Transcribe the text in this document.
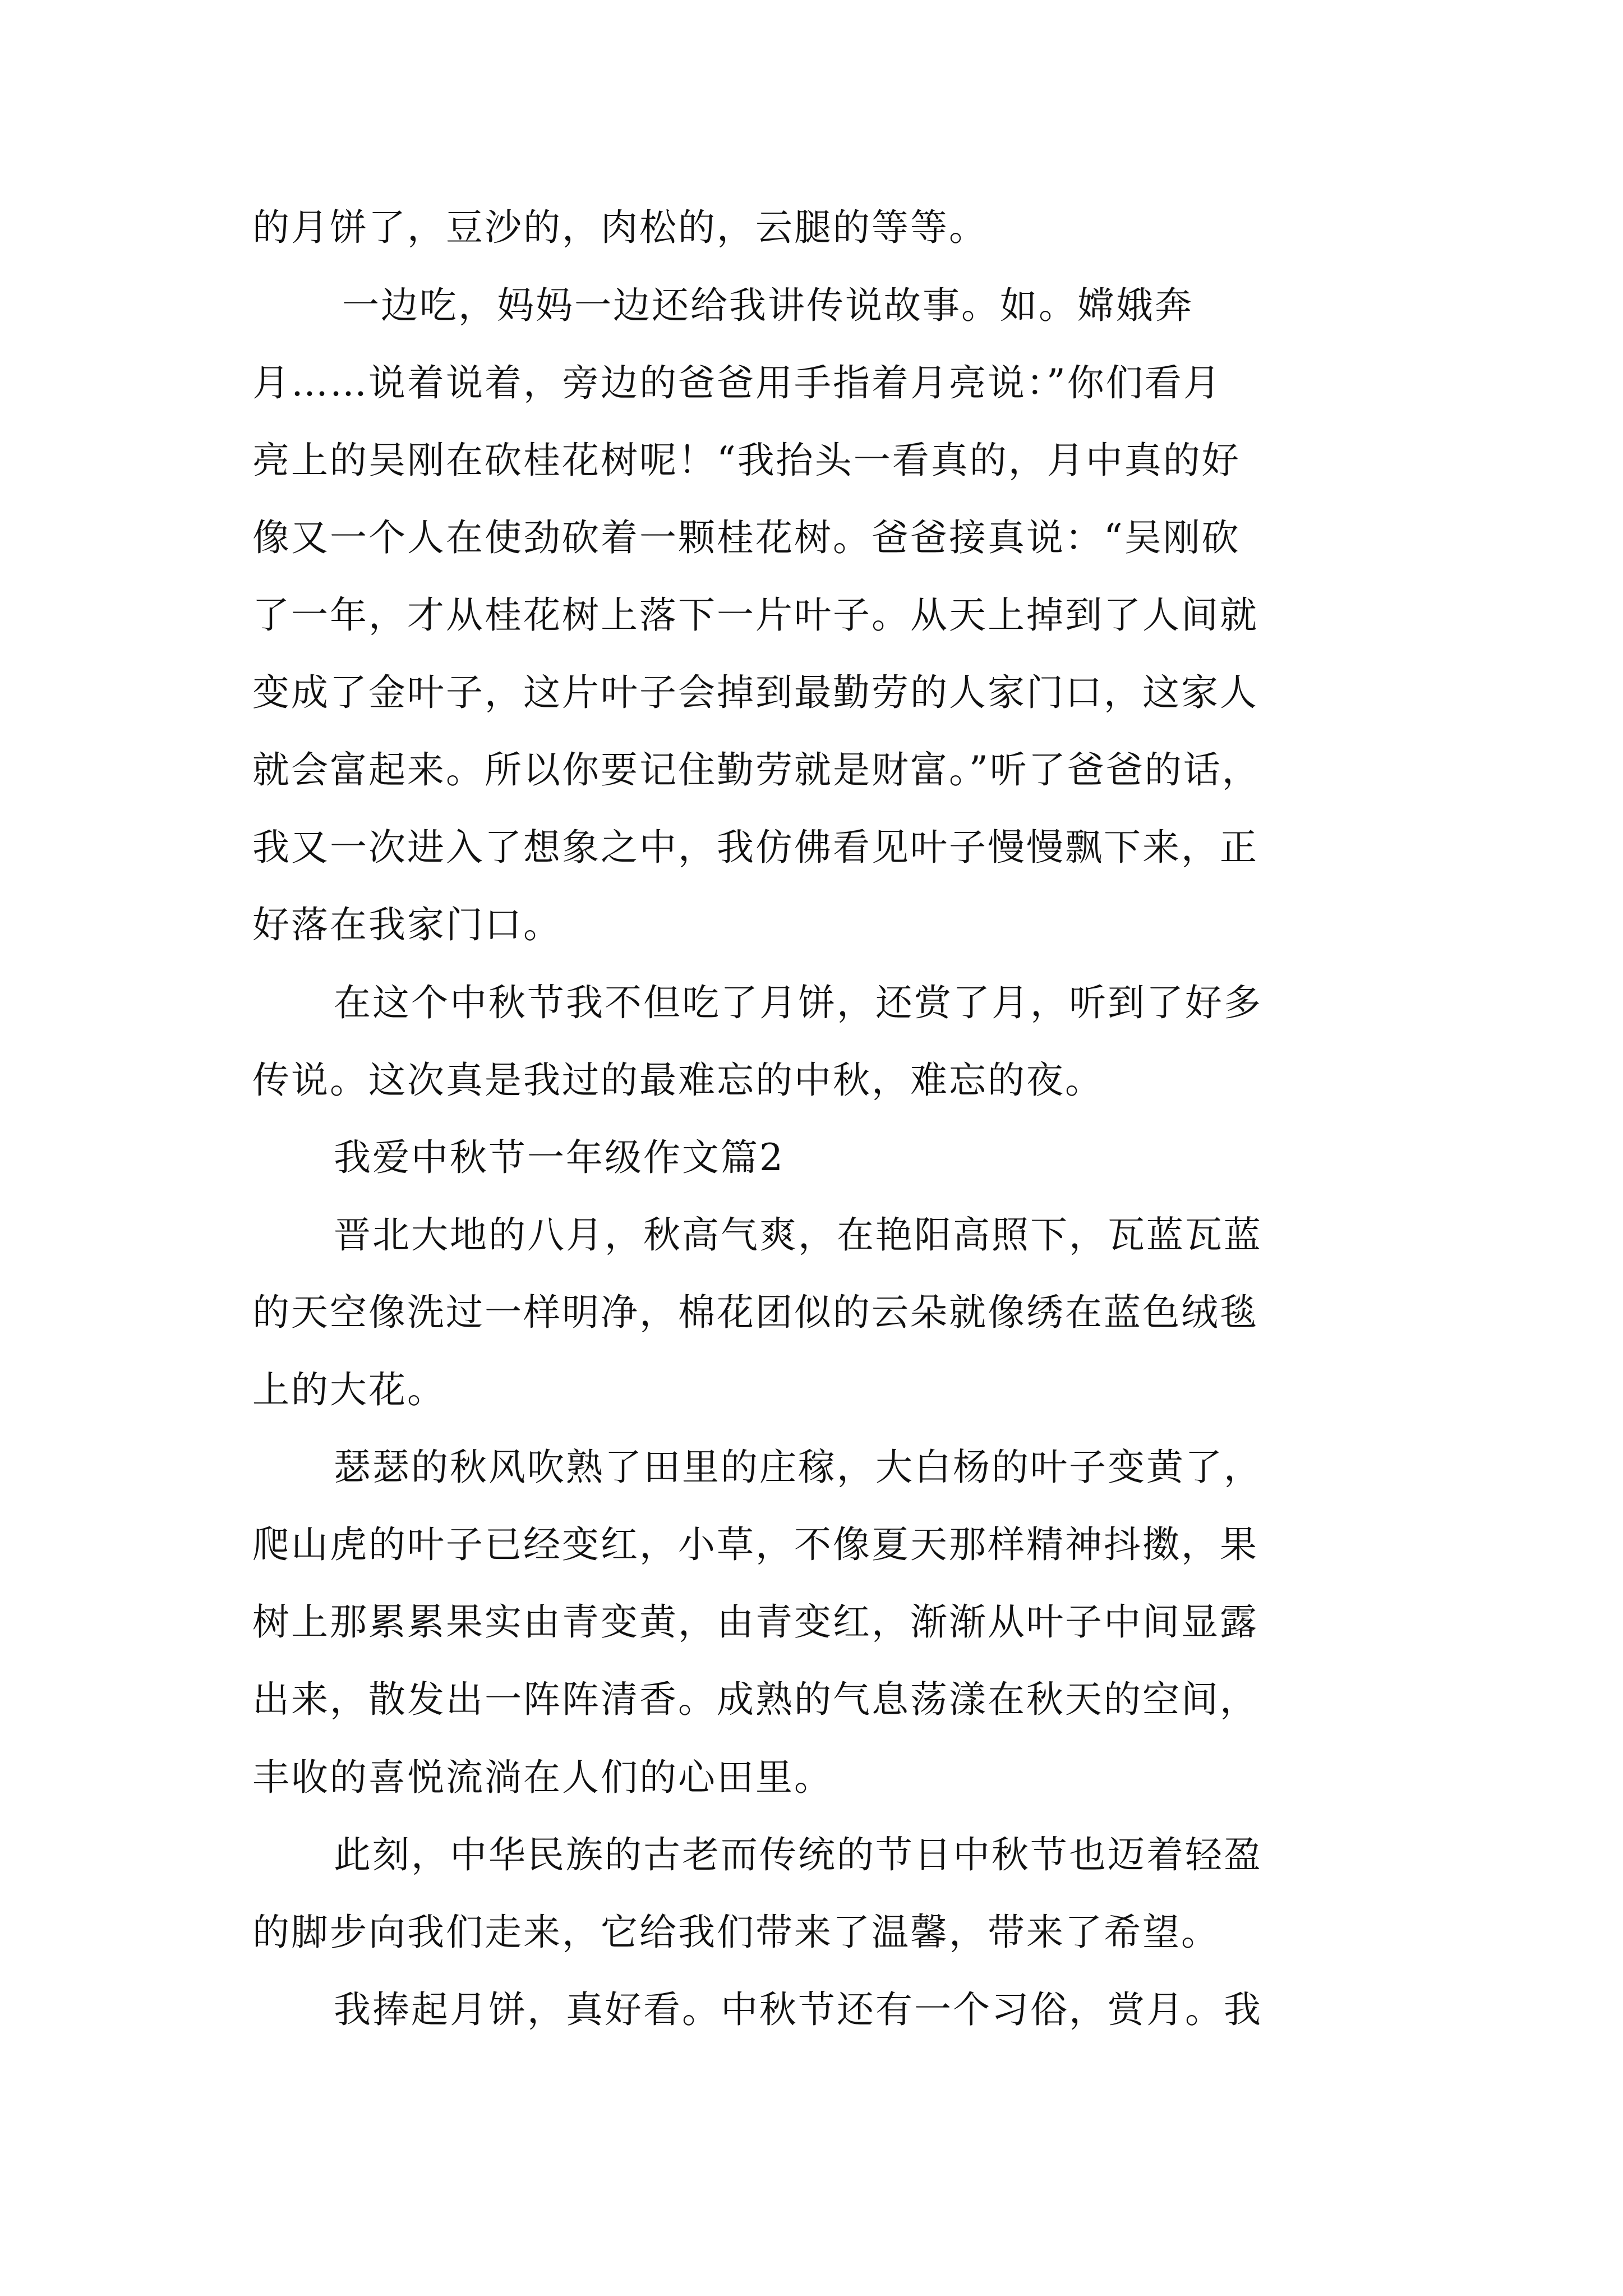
的月饼了，豆沙的，肉松的，云腿的等等。
一边吃，妈妈一边还给我讲传说故事。如。嫦娥奔
月……说着说着，旁边的爸爸用手指着月亮说：”你们看月
亮上的吴刚在砍桂花树呢！“我抬头一看真的，月中真的好
像又一个人在使劲砍着一颗桂花树。爸爸接真说：“吴刚砍
了一年，才从桂花树上落下一片叶子。从天上掉到了人间就
变成了金叶子，这片叶子会掉到最勤劳的人家门口，这家人
就会富起来。所以你要记住勤劳就是财富。”听了爸爸的话，
我又一次进入了想象之中，我仿佛看见叶子慢慢飘下来，正
好落在我家门口。
在这个中秋节我不但吃了月饼，还赏了月，听到了好多
传说。这次真是我过的最难忘的中秋，难忘的夜。
我爱中秋节一年级作文篇2
晋北大地的八月，秋高气爽，在艳阳高照下，瓦蓝瓦蓝
的天空像洗过一样明净，棉花团似的云朵就像绣在蓝色绒毯
上的大花。
瑟瑟的秋风吹熟了田里的庄稼，大白杨的叶子变黄了，
爬山虎的叶子已经变红，小草，不像夏天那样精神抖擞，果
树上那累累果实由青变黄，由青变红，渐渐从叶子中间显露
出来，散发出一阵阵清香。成熟的气息荡漾在秋天的空间，
丰收的喜悦流淌在人们的心田里。
此刻，中华民族的古老而传统的节日中秋节也迈着轻盈
的脚步向我们走来，它给我们带来了温馨，带来了希望。
我捧起月饼，真好看。中秋节还有一个习俗，赏月。我
